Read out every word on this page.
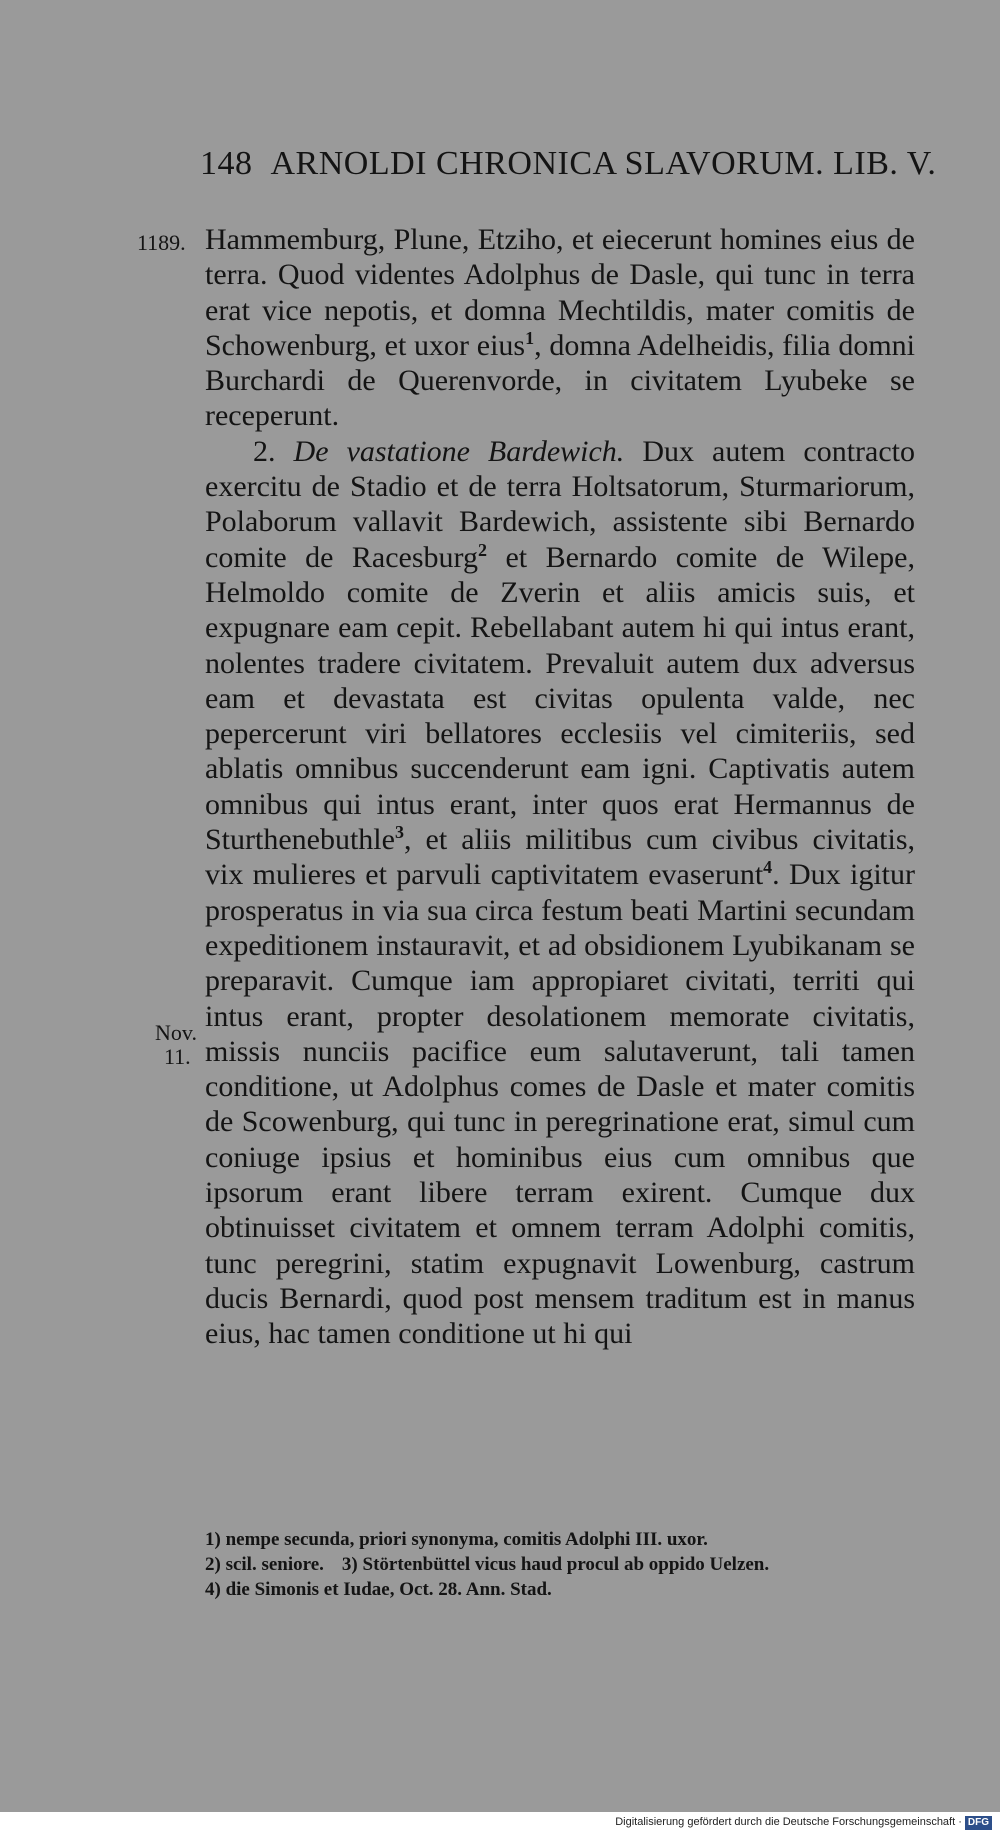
148 ARNOLDI CHRONICA SLAVORUM. LIB. V.
1189.
Nov.
11.

Hammemburg, Plune, Etziho, et eiecerunt homines eius de terra. Quod videntes Adolphus de Dasle, qui tunc in terra erat vice nepotis, et domna Mechtildis, mater comitis de Schowenburg, et uxor eius$^1$, domna Adelheidis, filia domni Burchardi de Querenvorde, in civitatem Lyubeke se receperunt.

2. De vastatione Bardewich. Dux autem contracto exercitu de Stadio et de terra Holtsatorum, Sturmariorum, Polaborum vallavit Bardewich, assistente sibi Bernardo comite de Racesburg$^2$ et Bernardo comite de Wilepe, Helmoldo comite de Zverin et aliis amicis suis, et expugnare eam cepit. Rebellabant autem hi qui intus erant, nolentes tradere civitatem. Prevaluit autem dux adversus eam et devastata est civitas opulenta valde, nec pepercerunt viri bellatores ecclesiis vel cimiteriis, sed ablatis omnibus succenderunt eam igni. Captivatis autem omnibus qui intus erant, inter quos erat Hermannus de Sturthenebuthle$^3$, et aliis militibus cum civibus civitatis, vix mulieres et parvuli captivitatem evaserunt$^4$. Dux igitur prosperatus in via sua circa festum beati Martini secundam expeditionem instauravit, et ad obsidionem Lyubikanam se preparavit. Cumque iam appropiaret civitati, territi qui intus erant, propter desolationem memorate civitatis, missis nunciis pacifice eum salutaverunt, tali tamen conditione, ut Adolphus comes de Dasle et mater comitis de Scowenburg, qui tunc in peregrinatione erat, simul cum coniuge ipsius et hominibus eius cum omnibus que ipsorum erant libere terram exirent. Cumque dux obtinuisset civitatem et omnem terram Adolphi comitis, tunc peregrini, statim expugnavit Lowenburg, castrum ducis Bernardi, quod post mensem traditum est in manus eius, hac tamen conditione ut hi qui

1) nempe secunda, priori synonyma, comitis Adolphi III. uxor.
2) scil. seniore. 3) Störtenbüttel vicus haud procul ab oppido Uelzen.
4) die Simonis et Iudae, Oct. 28. Ann. Stad.
Digitalisierung gefördert durch die Deutsche Forschungsgemeinschaft · DFG
